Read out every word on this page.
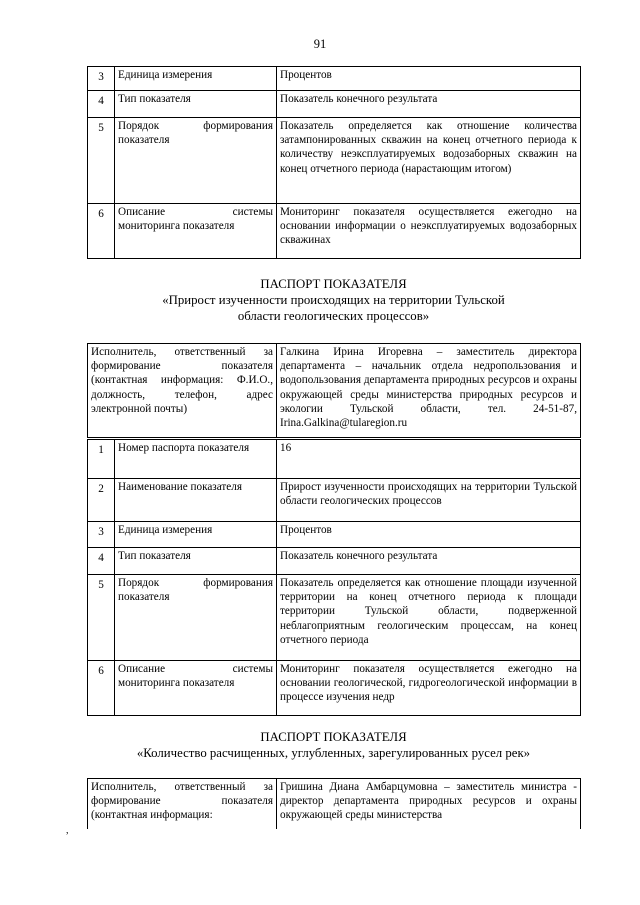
91
3	Единица измерения	Процентов
4	Тип показателя	Показатель конечного результата
5	Порядок формирования показателя	Показатель определяется как отношение количества затампонированных скважин на конец отчетного периода к количеству неэксплуатируемых водозаборных скважин на конец отчетного периода (нарастающим итогом)
6	Описание системы мониторинга показателя	Мониторинг показателя осуществляется ежегодно на основании информации о неэксплуатируемых водозаборных скважинах
ПАСПОРТ ПОКАЗАТЕЛЯ
«Прирост изученности происходящих на территории Тульской
области геологических процессов»
Исполнитель, ответственный за формирование показателя (контактная информация: Ф.И.О., должность, телефон, адрес электронной почты)		Галкина Ирина Игоревна – заместитель директора департамента – начальник отдела недропользования и водопользования департамента природных ресурсов и охраны окружающей среды министерства природных ресурсов и экологии Тульской области, тел. 24-51-87, Irina.Galkina@tularegion.ru
1	Номер паспорта показателя	16
2	Наименование показателя	Прирост изученности происходящих на территории Тульской области геологических процессов
3	Единица измерения	Процентов
4	Тип показателя	Показатель конечного результата
5	Порядок формирования показателя	Показатель определяется как отношение площади изученной территории на конец отчетного периода к площади территории Тульской области, подверженной неблагоприятным геологическим процессам, на конец отчетного периода
6	Описание системы мониторинга показателя	Мониторинг показателя осуществляется ежегодно на основании геологической, гидрогеологической информации в процессе изучения недр
ПАСПОРТ ПОКАЗАТЕЛЯ
«Количество расчищенных, углубленных, зарегулированных русел рек»
Исполнитель, ответственный за формирование показателя (контактная информация:	Гришина Диана Амбарцумовна – заместитель министра - директор департамента природных ресурсов и охраны окружающей среды министерства
,
